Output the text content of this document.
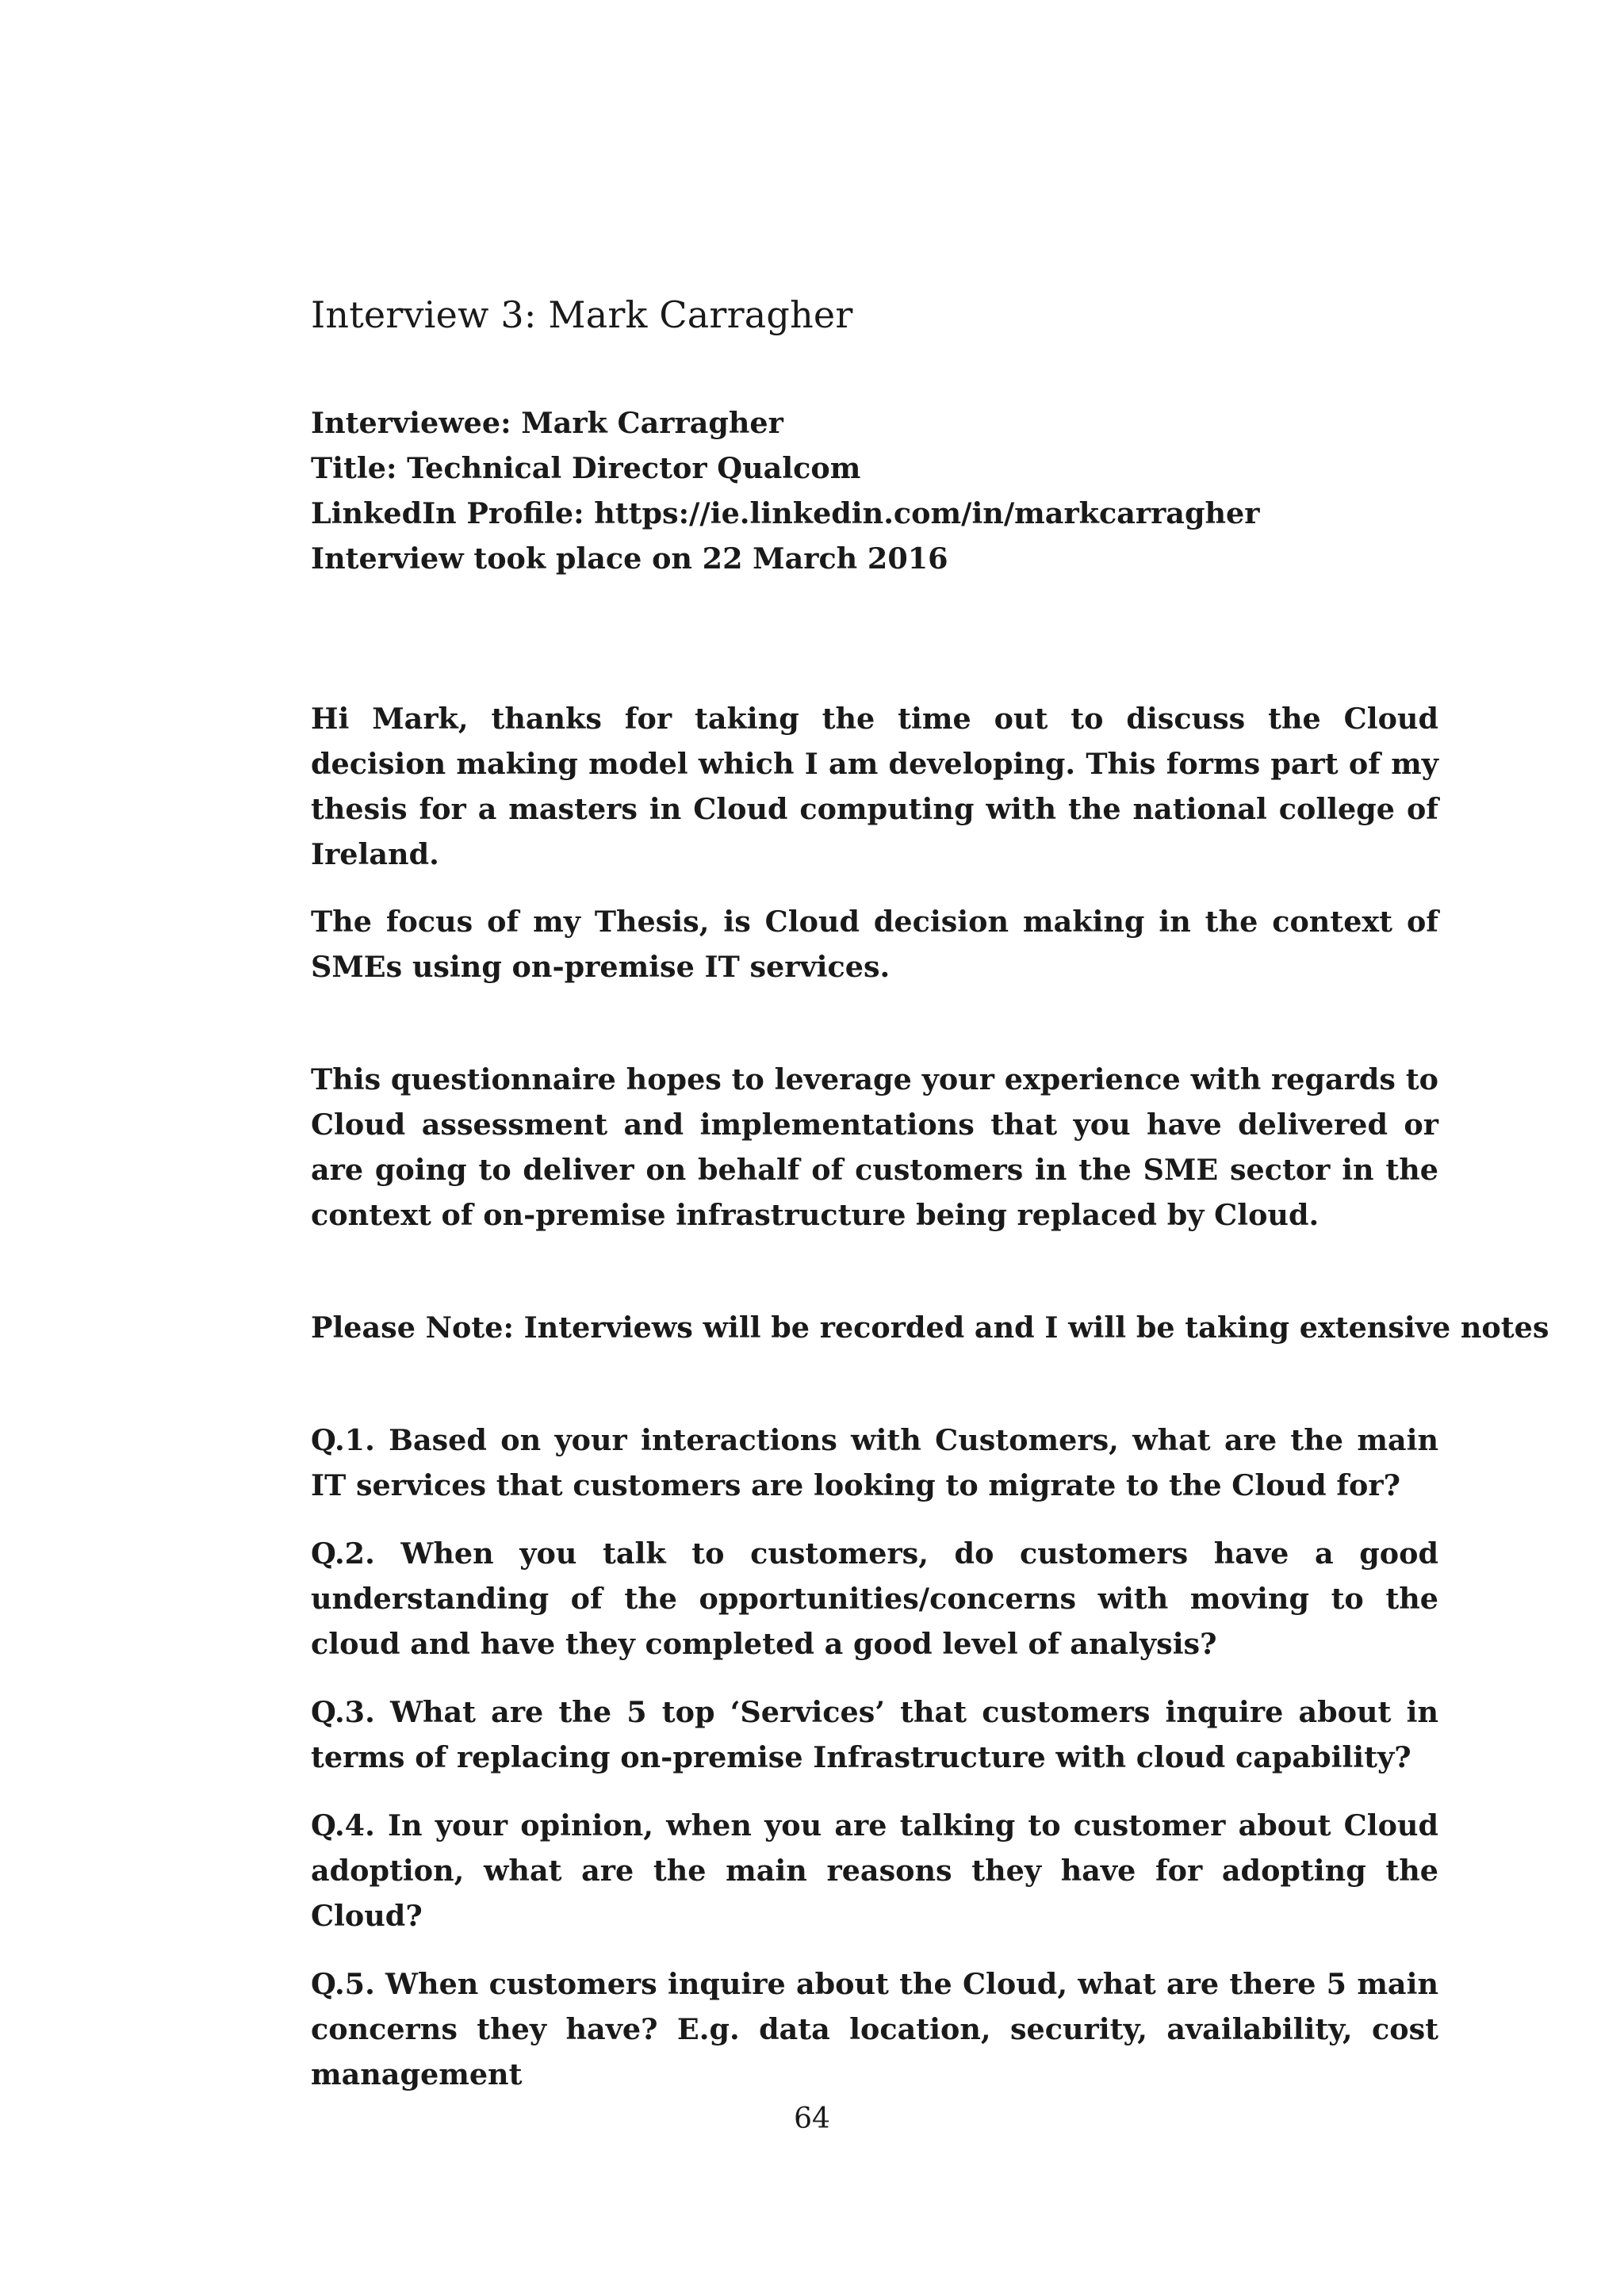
Interview 3: Mark Carragher
Interviewee: Mark Carragher
Title: Technical Director Qualcom
LinkedIn Profile: https://ie.linkedin.com/in/markcarragher
Interview took place on 22 March 2016

Hi Mark, thanks for taking the time out to discuss the Cloud decision making model which I am developing. This forms part of my thesis for a masters in Cloud computing with the national college of Ireland.

The focus of my Thesis, is Cloud decision making in the context of SMEs using on-premise IT services.

This questionnaire hopes to leverage your experience with regards to Cloud assessment and implementations that you have delivered or are going to deliver on behalf of customers in the SME sector in the context of on-premise infrastructure being replaced by Cloud.

Please Note: Interviews will be recorded and I will be taking extensive notes

Q.1. Based on your interactions with Customers, what are the main IT services that customers are looking to migrate to the Cloud for?

Q.2. When you talk to customers, do customers have a good understanding of the opportunities/concerns with moving to the cloud and have they completed a good level of analysis?

Q.3. What are the 5 top ‘Services’ that customers inquire about in terms of replacing on-premise Infrastructure with cloud capability?

Q.4. In your opinion, when you are talking to customer about Cloud adoption, what are the main reasons they have for adopting the Cloud?

Q.5. When customers inquire about the Cloud, what are there 5 main concerns they have? E.g. data location, security, availability, cost management

64
